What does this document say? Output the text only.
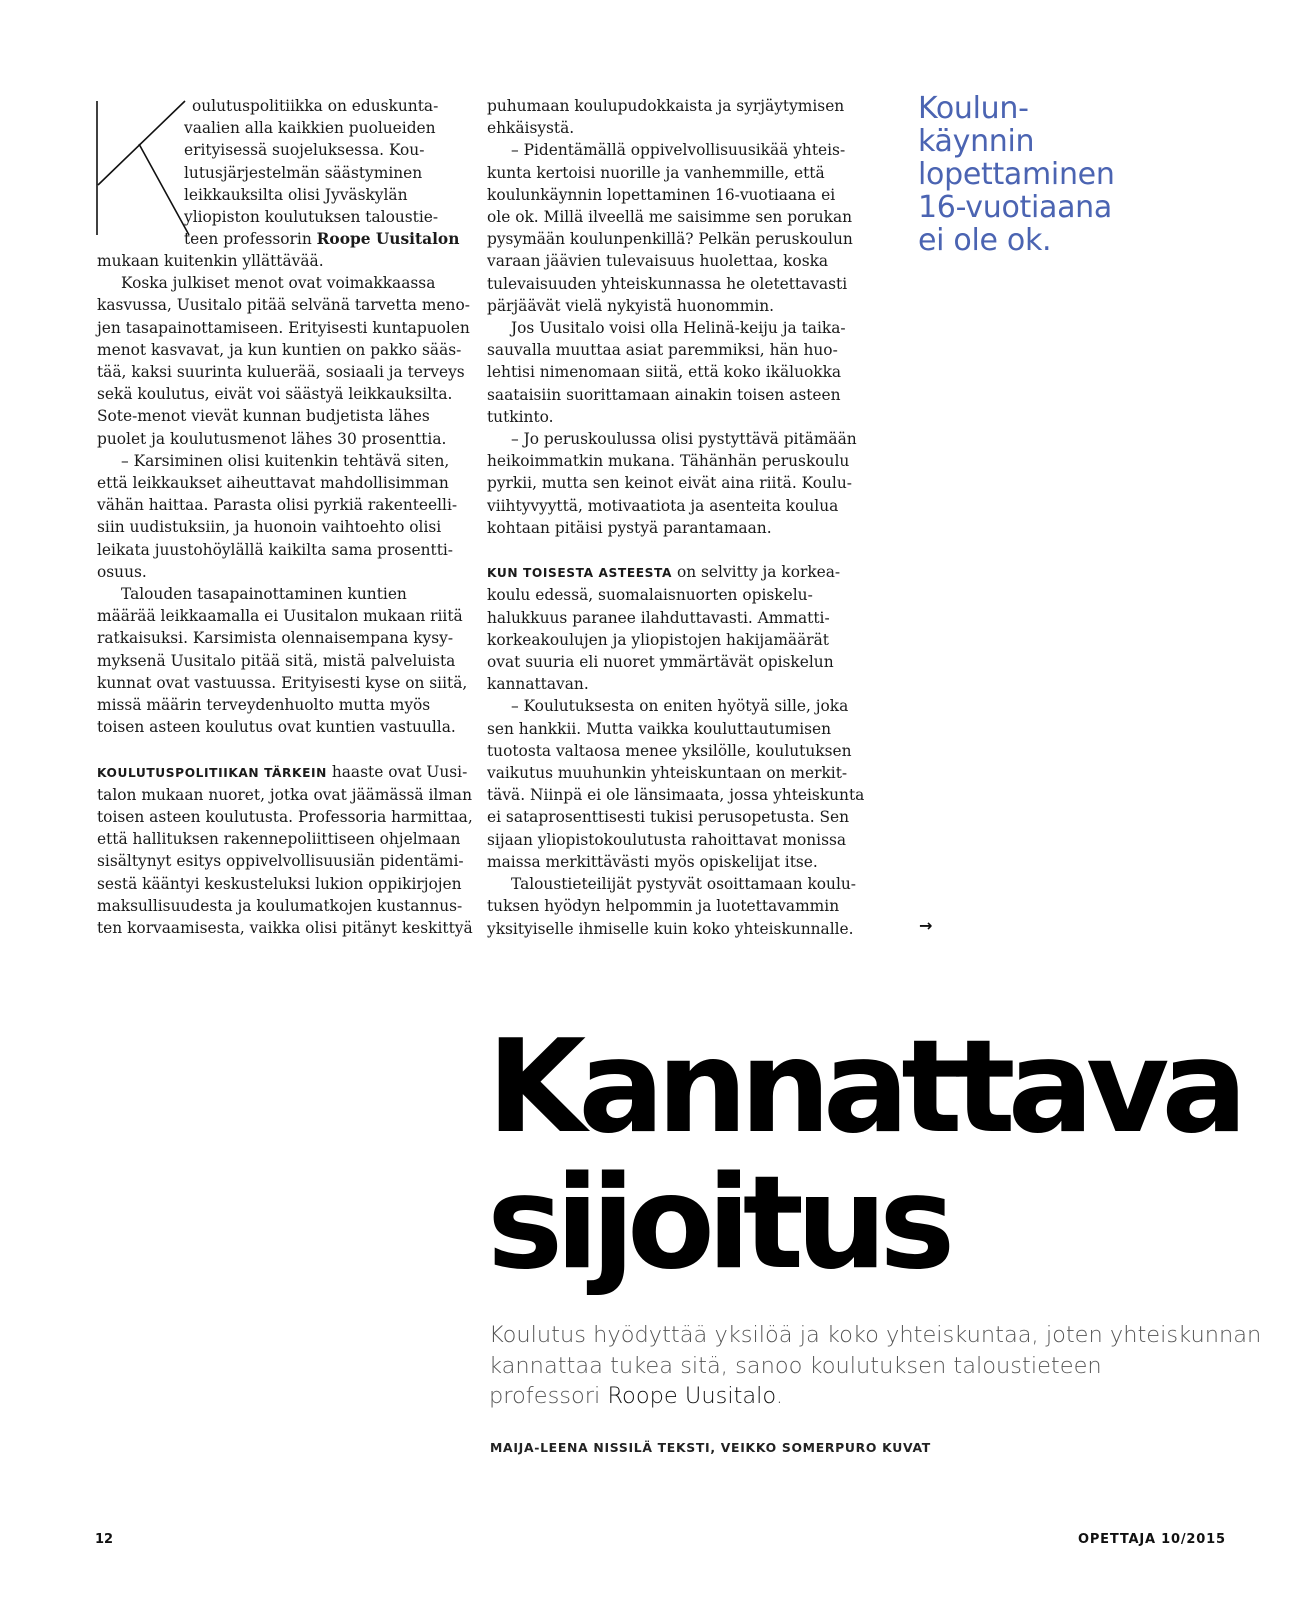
K
oulutuspolitiikka on eduskunta-
vaalien alla kaikkien puolueiden
erityisessä suojeluksessa. Kou-
lutusjärjestelmän säästyminen
leikkauksilta olisi Jyväskylän
yliopiston koulutuksen taloustie-
teen professorin Roope Uusitalon
mukaan kuitenkin yllättävää.
Koska julkiset menot ovat voimakkaassa
kasvussa, Uusitalo pitää selvänä tarvetta meno-
jen tasapainottamiseen. Erityisesti kuntapuolen
menot kasvavat, ja kun kuntien on pakko sääs-
tää, kaksi suurinta kuluerää, sosiaali ja terveys
sekä koulutus, eivät voi säästyä leikkauksilta.
Sote-menot vievät kunnan budjetista lähes
puolet ja koulutusmenot lähes 30 prosenttia.
– Karsiminen olisi kuitenkin tehtävä siten,
että leikkaukset aiheuttavat mahdollisimman
vähän haittaa. Parasta olisi pyrkiä rakenteelli-
siin uudistuksiin, ja huonoin vaihtoehto olisi
leikata juustohöylällä kaikilta sama prosentti-
osuus.
Talouden tasapainottaminen kuntien
määrää leikkaamalla ei Uusitalon mukaan riitä
ratkaisuksi. Karsimista olennaisempana kysy-
myksenä Uusitalo pitää sitä, mistä palveluista
kunnat ovat vastuussa. Erityisesti kyse on siitä,
missä määrin terveydenhuolto mutta myös
toisen asteen koulutus ovat kuntien vastuulla.
KOULUTUSPOLITIIKAN TÄRKEIN haaste ovat Uusi-
talon mukaan nuoret, jotka ovat jäämässä ilman
toisen asteen koulutusta. Professoria harmittaa,
että hallituksen rakennepoliittiseen ohjelmaan
sisältynyt esitys oppivelvollisuusiän pidentämi-
sestä kääntyi keskusteluksi lukion oppikirjojen
maksullisuudesta ja koulumatkojen kustannus-
ten korvaamisesta, vaikka olisi pitänyt keskittyä
puhumaan koulupudokkaista ja syrjäytymisen
ehkäisystä.
– Pidentämällä oppivelvollisuusikää yhteis-
kunta kertoisi nuorille ja vanhemmille, että
koulunkäynnin lopettaminen 16-vuotiaana ei
ole ok. Millä ilveellä me saisimme sen porukan
pysymään koulunpenkillä? Pelkän peruskoulun
varaan jäävien tulevaisuus huolettaa, koska
tulevaisuuden yhteiskunnassa he oletettavasti
pärjäävät vielä nykyistä huonommin.
Jos Uusitalo voisi olla Helinä-keiju ja taika-
sauvalla muuttaa asiat paremmiksi, hän huo-
lehtisi nimenomaan siitä, että koko ikäluokka
saataisiin suorittamaan ainakin toisen asteen
tutkinto.
– Jo peruskoulussa olisi pystyttävä pitämään
heikoimmatkin mukana. Tähänhän peruskoulu
pyrkii, mutta sen keinot eivät aina riitä. Koulu-
viihtyvyyttä, motivaatiota ja asenteita koulua
kohtaan pitäisi pystyä parantamaan.
KUN TOISESTA ASTEESTA on selvitty ja korkea-
koulu edessä, suomalaisnuorten opiskelu-
halukkuus paranee ilahduttavasti. Ammatti-
korkeakoulujen ja yliopistojen hakijamäärät
ovat suuria eli nuoret ymmärtävät opiskelun
kannattavan.
– Koulutuksesta on eniten hyötyä sille, joka
sen hankkii. Mutta vaikka kouluttautumisen
tuotosta valtaosa menee yksilölle, koulutuksen
vaikutus muuhunkin yhteiskuntaan on merkit-
tävä. Niinpä ei ole länsimaata, jossa yhteiskunta
ei sataprosenttisesti tukisi perusopetusta. Sen
sijaan yliopistokoulutusta rahoittavat monissa
maissa merkittävästi myös opiskelijat itse.
Taloustieteilijät pystyvät osoittamaan koulu-
tuksen hyödyn helpommin ja luotettavammin
yksityiselle ihmiselle kuin koko yhteiskunnalle.
Koulun-
käynnin
lopettaminen
16-vuotiaana
ei ole ok.
→
Kannattava
sijoitus
Koulutus hyödyttää yksilöä ja koko yhteiskuntaa, joten yhteiskunnan
kannattaa tukea sitä, sanoo koulutuksen taloustieteen
professori Roope Uusitalo.
MAIJA-LEENA NISSILÄ TEKSTI, VEIKKO SOMERPURO KUVAT
12	OPETTAJA 10/2015
